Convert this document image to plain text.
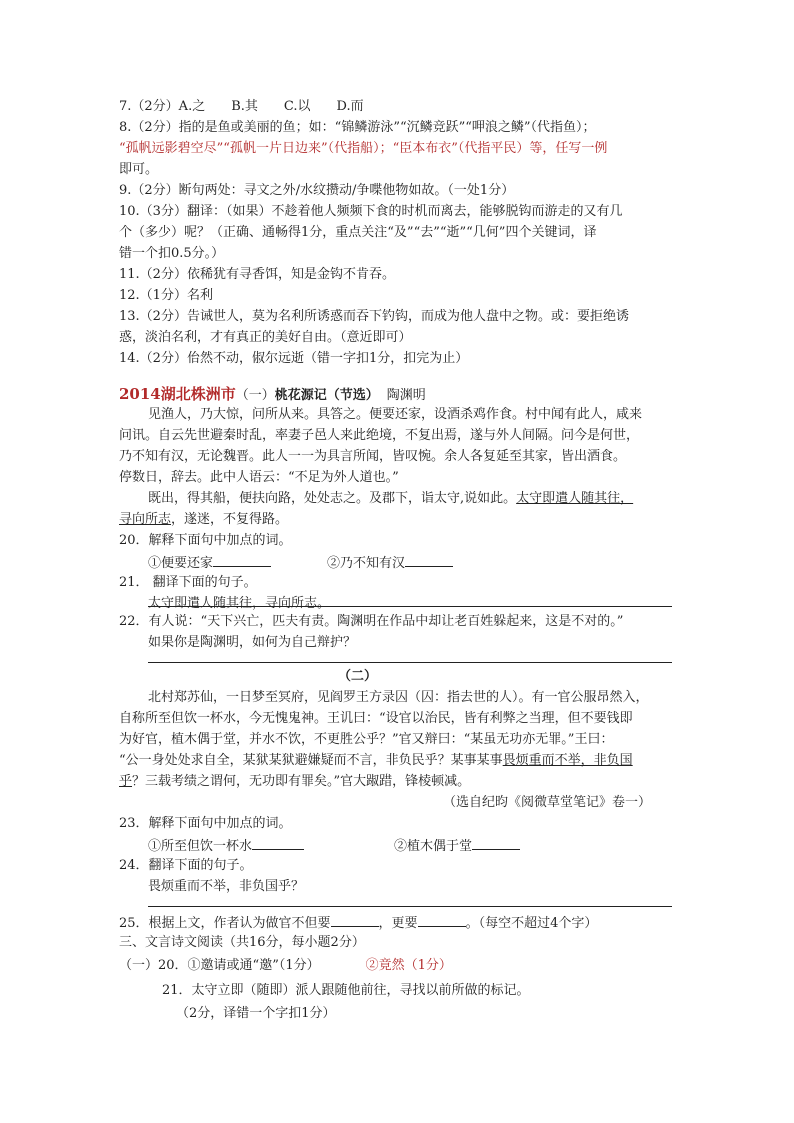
7.（2分）A.之　　B.其　　C.以　　D.而
8.（2分）指的是鱼或美丽的鱼；如：“锦鳞游泳”“沉鳞竞跃”“呷浪之鳞”（代指鱼）；
“孤帆远影碧空尽”“孤帆一片日边来”（代指船）；“臣本布衣”（代指平民）等，任写一例
即可。
9.（2分）断句两处：寻文之外/水纹攒动/争喋他物如故。（一处1分）
10.（3分）翻译：（如果）不趁着他人频频下食的时机而离去，能够脱钩而游走的又有几
个（多少）呢？（正确、通畅得1分，重点关注“及”“去”“逝”“几何”四个关键词，译
错一个扣0.5分。）
11.（2分）依稀犹有寻香饵，知是金钩不肯吞。
12.（1分）名利
13.（2分）告诫世人，莫为名利所诱惑而吞下钓钩，而成为他人盘中之物。或：要拒绝诱
惑，淡泊名利，才有真正的美好自由。（意近即可）
14.（2分）佁然不动，俶尔远逝（错一字扣1分，扣完为止）
2014湖北株洲市（一）桃花源记（节选） 陶渊明
见渔人，乃大惊，问所从来。具答之。便要还家，设酒杀鸡作食。村中闻有此人，咸来
问讯。自云先世避秦时乱，率妻子邑人来此绝境，不复出焉，遂与外人间隔。问今是何世，
乃不知有汉，无论魏晋。此人一一为具言所闻，皆叹惋。余人各复延至其家，皆出酒食。
停数日，辞去。此中人语云：“不足为外人道也。”
既出，得其船，便扶向路，处处志之。及郡下，诣太守,说如此。太守即遣人随其往，
寻向所志，遂迷，不复得路。
20．解释下面句中加点的词。
①便要还家	②乃不知有汉
21． 翻译下面的句子。
太守即遣人随其往，寻向所志。
22．有人说：“天下兴亡，匹夫有责。陶渊明在作品中却让老百姓躲起来，这是不对的。”
如果你是陶渊明，如何为自己辩护？
（二）
北村郑苏仙，一日梦至冥府，见阎罗王方录囚（囚：指去世的人）。有一官公服昂然入，
自称所至但饮一杯水，今无愧鬼神。王讥曰：“设官以治民，皆有利弊之当理，但不要钱即
为好官，植木偶于堂，并水不饮，不更胜公乎？”官又辩曰：“某虽无功亦无罪。”王曰：
“公一身处处求自全，某狱某狱避嫌疑而不言，非负民乎？某事某事畏烦重而不举，非负国
乎？三载考绩之谓何，无功即有罪矣。”官大踧踖，锋棱顿减。
（选自纪昀《阅微草堂笔记》卷一）
23．解释下面句中加点的词。
①所至但饮一杯水	②植木偶于堂
24．翻译下面的句子。
畏烦重而不举，非负国乎？
25．根据上文，作者认为做官不但要	，更要	。（每空不超过4个字）
三、文言诗文阅读（共16分，每小题2分）
（一）20．①邀请或通“邀”（1分）	②竟然（1分）
21．太守立即（随即）派人跟随他前往，寻找以前所做的标记。
（2分，译错一个字扣1分）
